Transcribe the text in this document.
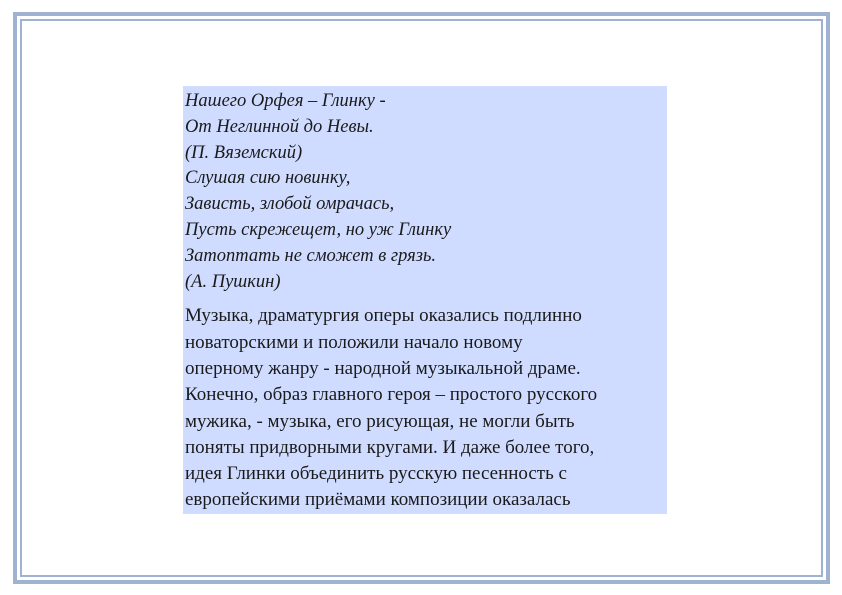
Нашего Орфея – Глинку -
От Неглинной до Невы.
(П. Вяземский)
Слушая сию новинку,
Зависть, злобой омрачась,
Пусть скрежещет, но уж Глинку
Затоптать не сможет в грязь.
(А. Пушкин)
Музыка, драматургия оперы оказались подлинно
новаторскими и положили начало новому
оперному жанру - народной музыкальной драме.
Конечно, образ главного героя – простого русского
мужика, - музыка, его рисующая, не могли быть
поняты придворными кругами. И даже более того,
идея Глинки объединить русскую песенность с
европейскими приёмами композиции оказалась
